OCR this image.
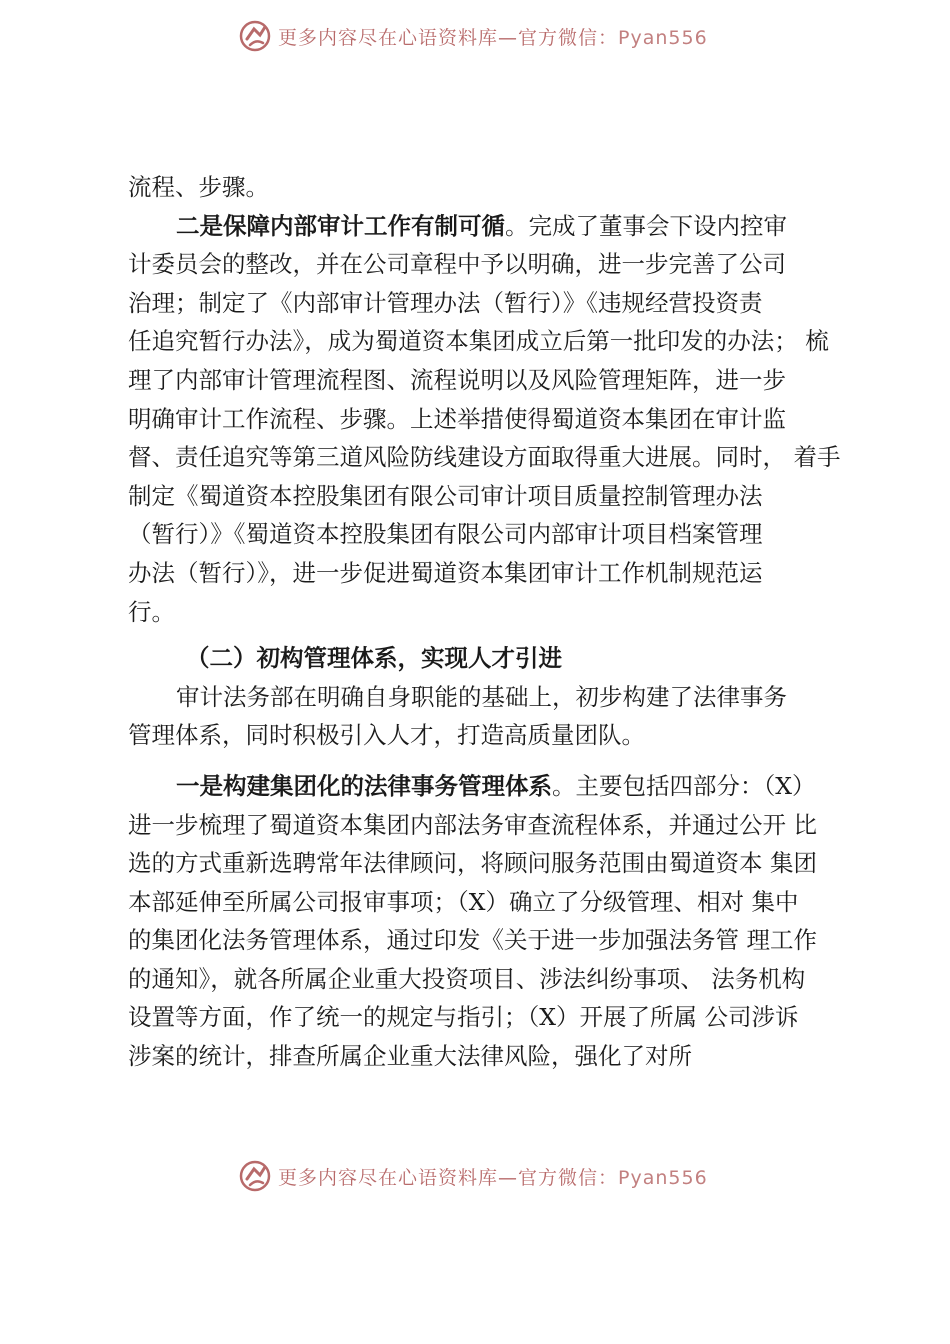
更多内容尽在心语资料库—官方微信：Pyan556
流程、步骤。
二是保障内部审计工作有制可循。完成了董事会下设内控审
计委员会的整改，并在公司章程中予以明确，进一步完善了公司
治理；制定了《内部审计管理办法（暂行）》《违规经营投资责
任追究暂行办法》，成为蜀道资本集团成立后第一批印发的办法； 梳
理了内部审计管理流程图、流程说明以及风险管理矩阵，进一步
明确审计工作流程、步骤。上述举措使得蜀道资本集团在审计监
督、责任追究等第三道风险防线建设方面取得重大进展。同时， 着手
制定《蜀道资本控股集团有限公司审计项目质量控制管理办法
（暂行）》《蜀道资本控股集团有限公司内部审计项目档案管理
办法（暂行）》，进一步促进蜀道资本集团审计工作机制规范运
行。
（二）初构管理体系，实现人才引进
审计法务部在明确自身职能的基础上，初步构建了法律事务
管理体系，同时积极引入人才，打造高质量团队。
一是构建集团化的法律事务管理体系。主要包括四部分：（X）
进一步梳理了蜀道资本集团内部法务审查流程体系，并通过公开 比
选的方式重新选聘常年法律顾问，将顾问服务范围由蜀道资本 集团
本部延伸至所属公司报审事项；（X）确立了分级管理、相对 集中
的集团化法务管理体系，通过印发《关于进一步加强法务管 理工作
的通知》，就各所属企业重大投资项目、涉法纠纷事项、 法务机构
设置等方面，作了统一的规定与指引；（X）开展了所属 公司涉诉
涉案的统计，排查所属企业重大法律风险，强化了对所
更多内容尽在心语资料库—官方微信：Pyan556
